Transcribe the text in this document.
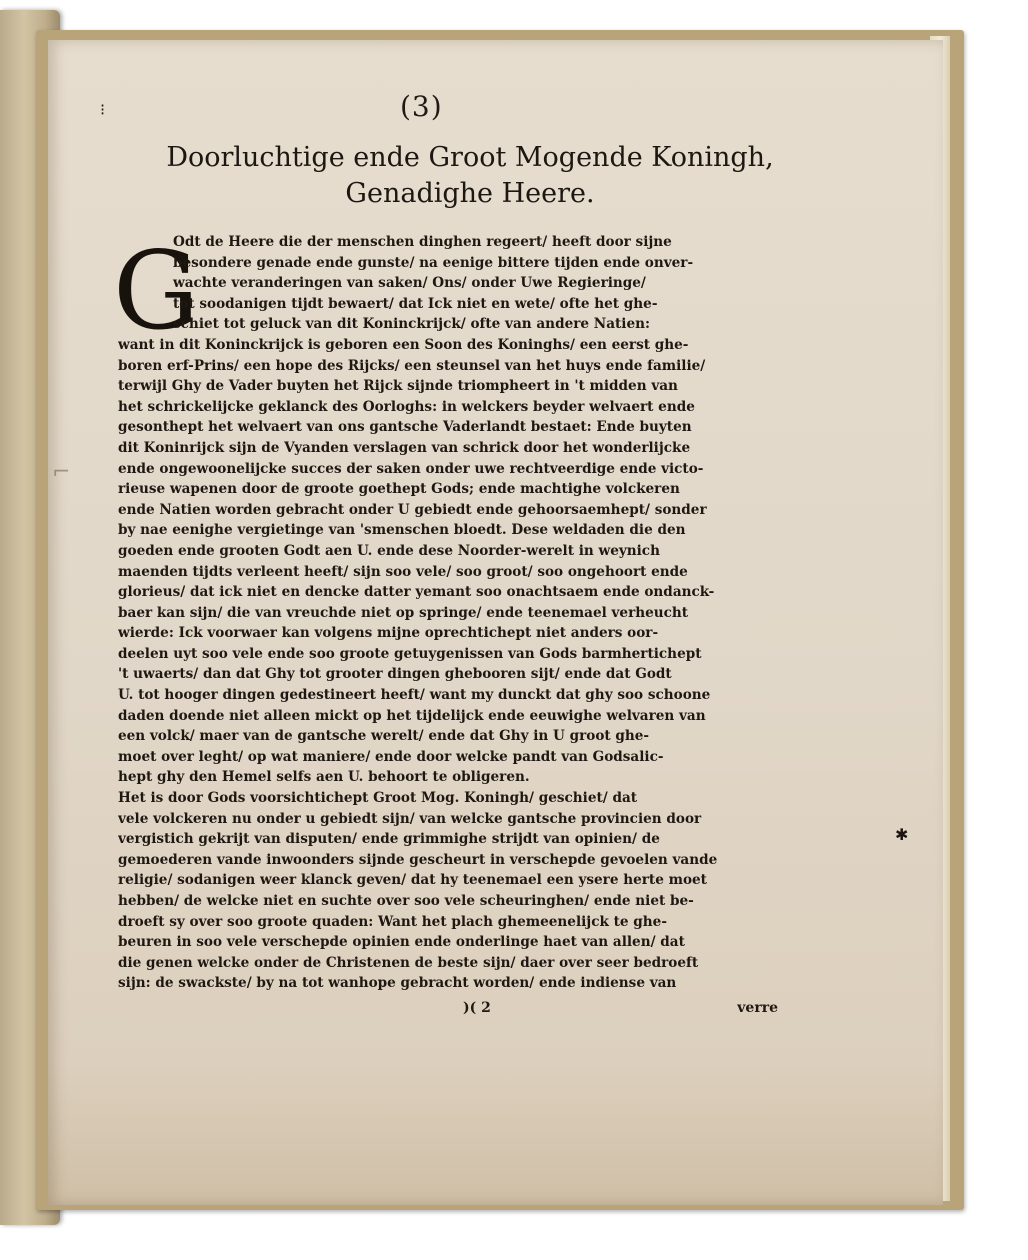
⌐
(3)
Doorluchtige ende Groot Mogende Koningh,
Genadighe Heere.
G
Odt de Heere die der menschen dinghen regeert/ heeft door sijne
besondere genade ende gunste/ na eenige bittere tijden ende onver-
wachte veranderingen van saken/ Ons/ onder Uwe Regieringe/
tot soodanigen tijdt bewaert/ dat Ick niet en wete/ ofte het ghe-
schiet tot geluck van dit Koninckrijck/ ofte van andere Natien:
want in dit Koninckrijck is geboren een Soon des Koninghs/ een eerst ghe-
boren erf-Prins/ een hope des Rijcks/ een steunsel van het huys ende familie/
terwijl Ghy de Vader buyten het Rijck sijnde triompheert in 't midden van
het schrickelijcke geklanck des Oorloghs: in welckers beyder welvaert ende
gesonthept het welvaert van ons gantsche Vaderlandt bestaet: Ende buyten
dit Koninrijck sijn de Vyanden verslagen van schrick door het wonderlijcke
ende ongewoonelijcke succes der saken onder uwe rechtveerdige ende victo-
rieuse wapenen door de groote goethept Gods; ende machtighe volckeren
ende Natien worden gebracht onder U gebiedt ende gehoorsaemhept/ sonder
by nae eenighe vergietinge van 'smenschen bloedt. Dese weldaden die den
goeden ende grooten Godt aen U. ende dese Noorder-werelt in weynich
maenden tijdts verleent heeft/ sijn soo vele/ soo groot/ soo ongehoort ende
glorieus/ dat ick niet en dencke datter yemant soo onachtsaem ende ondanck-
baer kan sijn/ die van vreuchde niet op springe/ ende teenemael verheucht
wierde: Ick voorwaer kan volgens mijne oprechtichept niet anders oor-
deelen uyt soo vele ende soo groote getuygenissen van Gods barmhertichept
't uwaerts/ dan dat Ghy tot grooter dingen ghebooren sijt/ ende dat Godt
U. tot hooger dingen gedestineert heeft/ want my dunckt dat ghy soo schoone
daden doende niet alleen mickt op het tijdelijck ende eeuwighe welvaren van
een volck/ maer van de gantsche werelt/ ende dat Ghy in U groot ghe-
moet over leght/ op wat maniere/ ende door welcke pandt van Godsalic-
hept ghy den Hemel selfs aen U. behoort te obligeren.
Het is door Gods voorsichtichept Groot Mog. Koningh/ geschiet/ dat
vele volckeren nu onder u gebiedt sijn/ van welcke gantsche provincien door
vergistich gekrijt van disputen/ ende grimmighe strijdt van opinien/ de
gemoederen vande inwoonders sijnde gescheurt in verschepde gevoelen vande
religie/ sodanigen weer klanck geven/ dat hy teenemael een ysere herte moet
hebben/ de welcke niet en suchte over soo vele scheuringhen/ ende niet be-
droeft sy over soo groote quaden: Want het plach ghemeenelijck te ghe-
beuren in soo vele verschepde opinien ende onderlinge haet van allen/ dat
die genen welcke onder de Christenen de beste sijn/ daer over seer bedroeft
sijn: de swackste/ by na tot wanhope gebracht worden/ ende indiense van
⁝
✱
)( 2	verre
